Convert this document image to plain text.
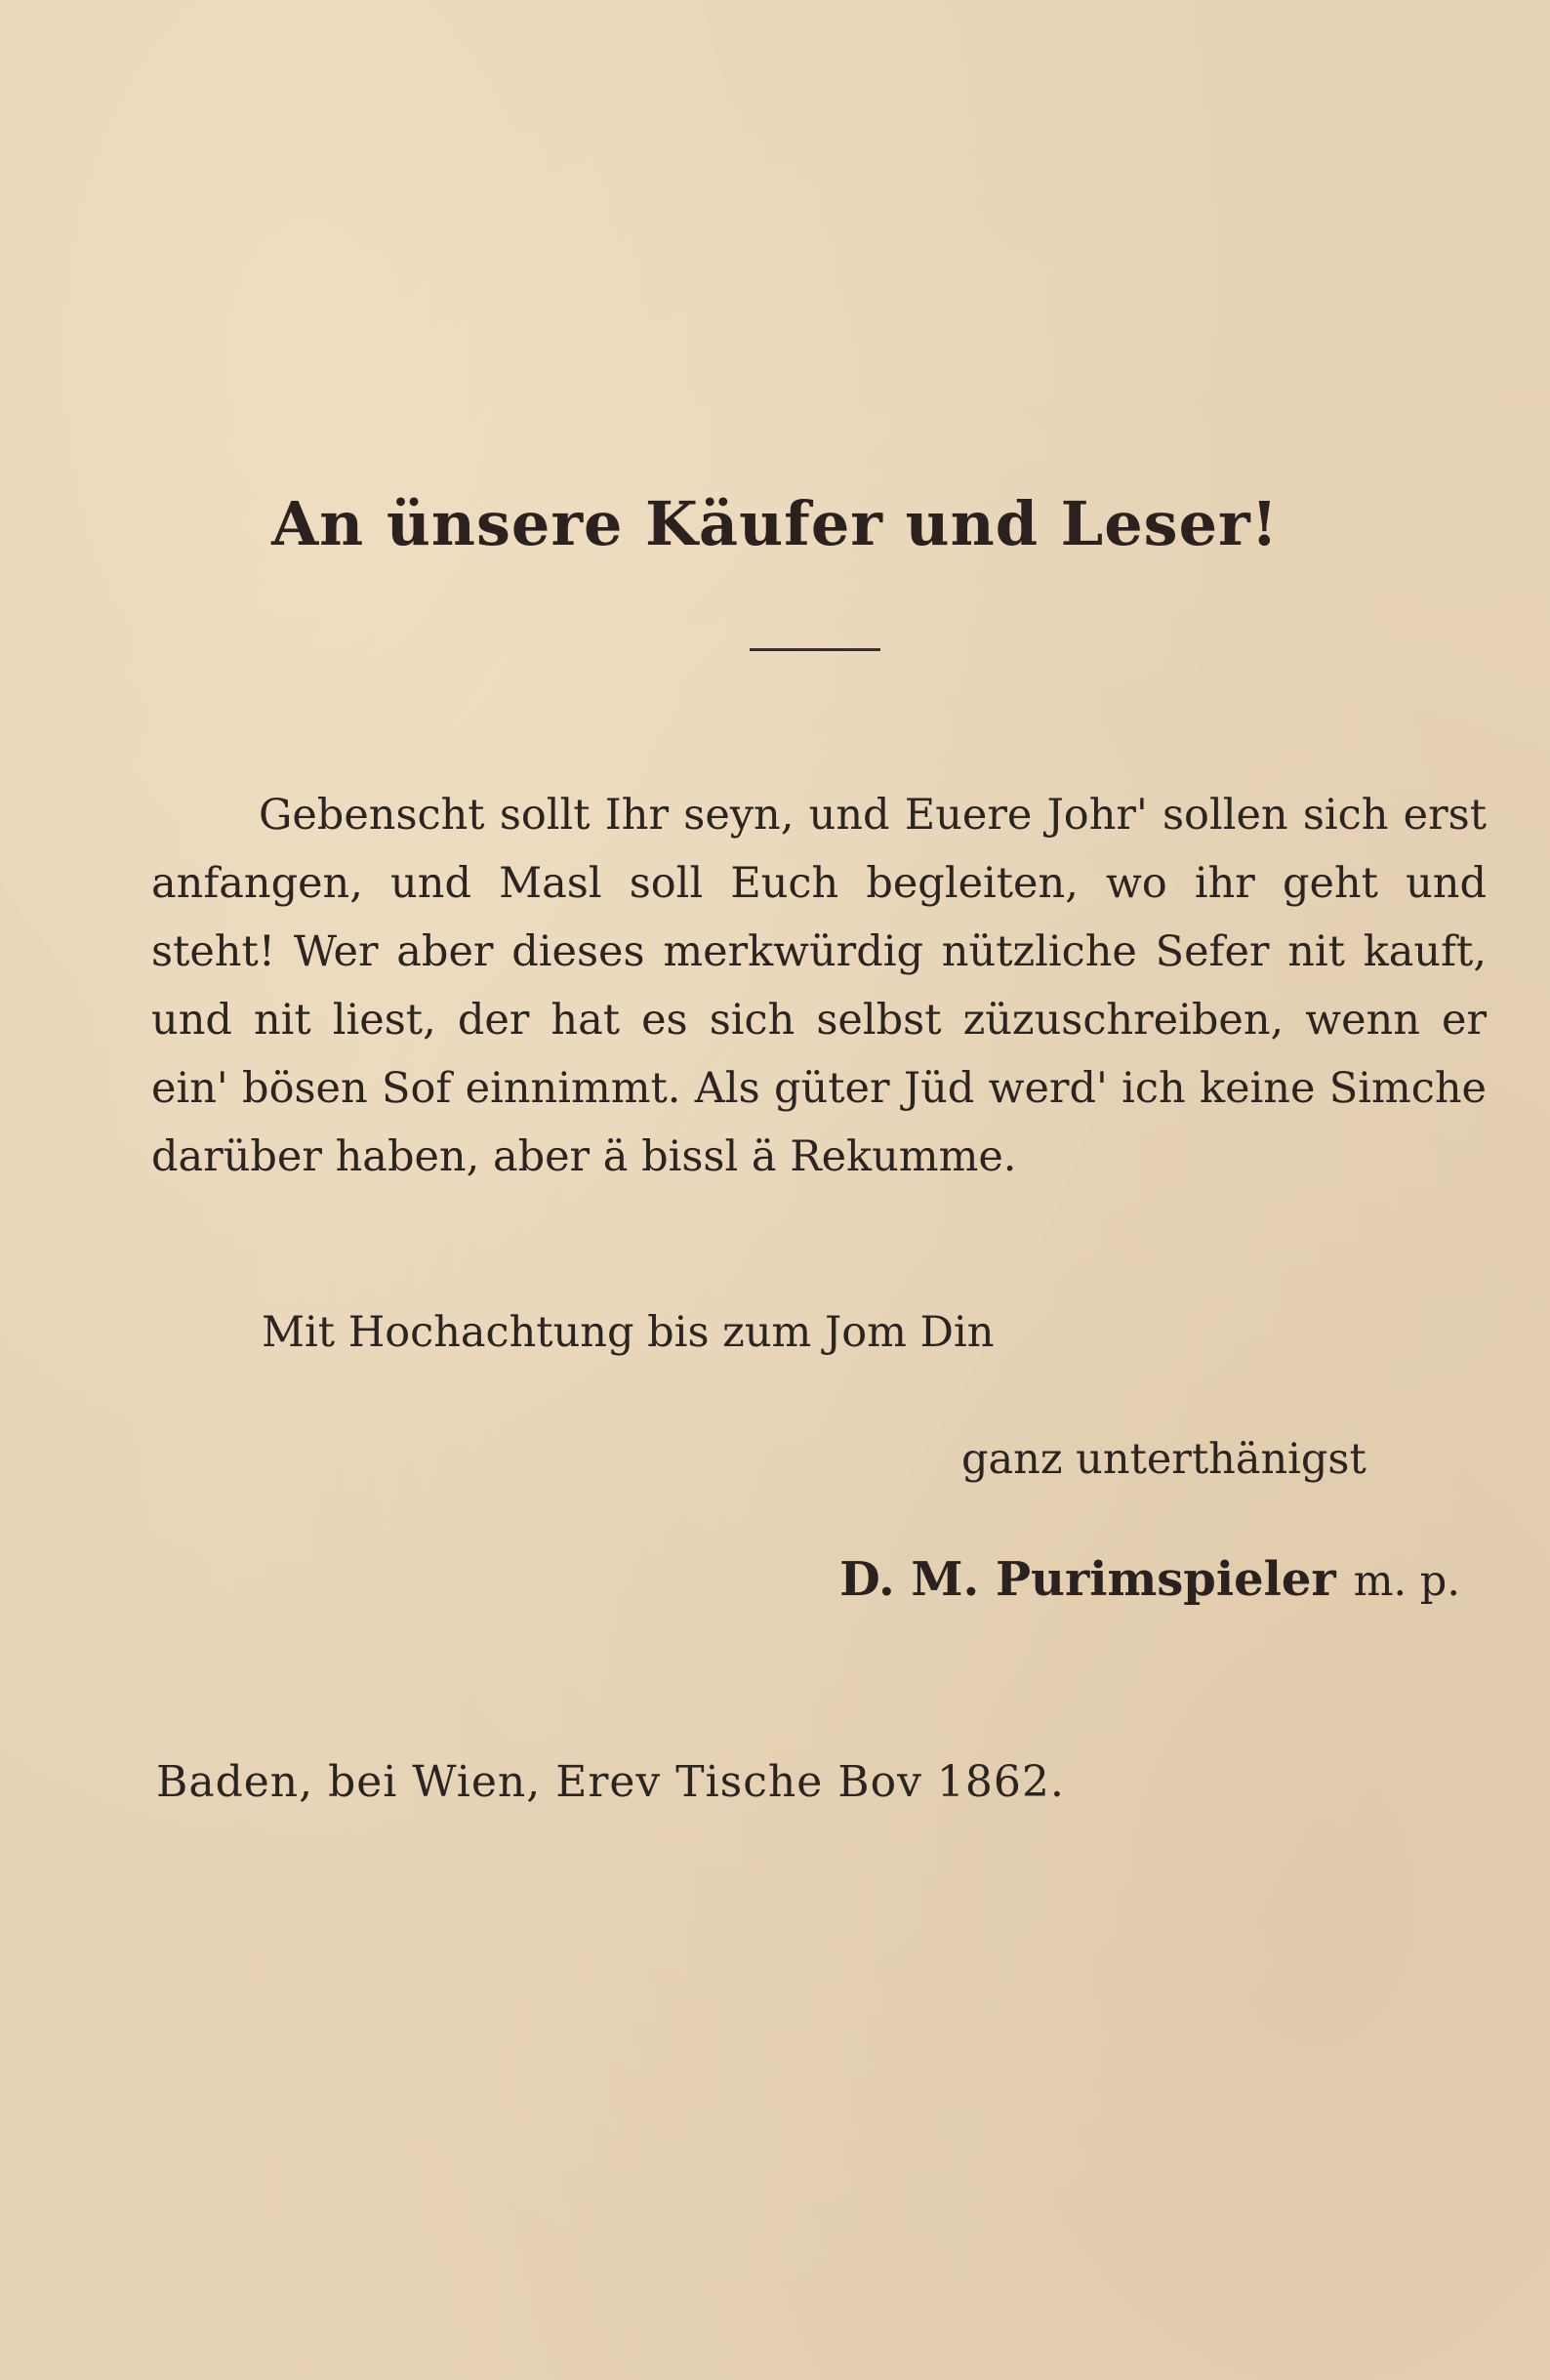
An ünsere Käufer und Leser!

Gebenscht sollt Ihr seyn, und Euere Johr' sollen sich erst anfangen, und Masl soll Euch begleiten, wo ihr geht und steht! Wer aber dieses merkwürdig nützliche Sefer nit kauft, und nit liest, der hat es sich selbst züzuschreiben, wenn er ein' bösen Sof einnimmt. Als güter Jüd werd' ich keine Simche darüber haben, aber ä bissl ä Rekumme.

Mit Hochachtung bis zum Jom Din
ganz unterthänigst
D. M. Purimspieler m. p.
Baden, bei Wien, Erev Tische Bov 1862.
